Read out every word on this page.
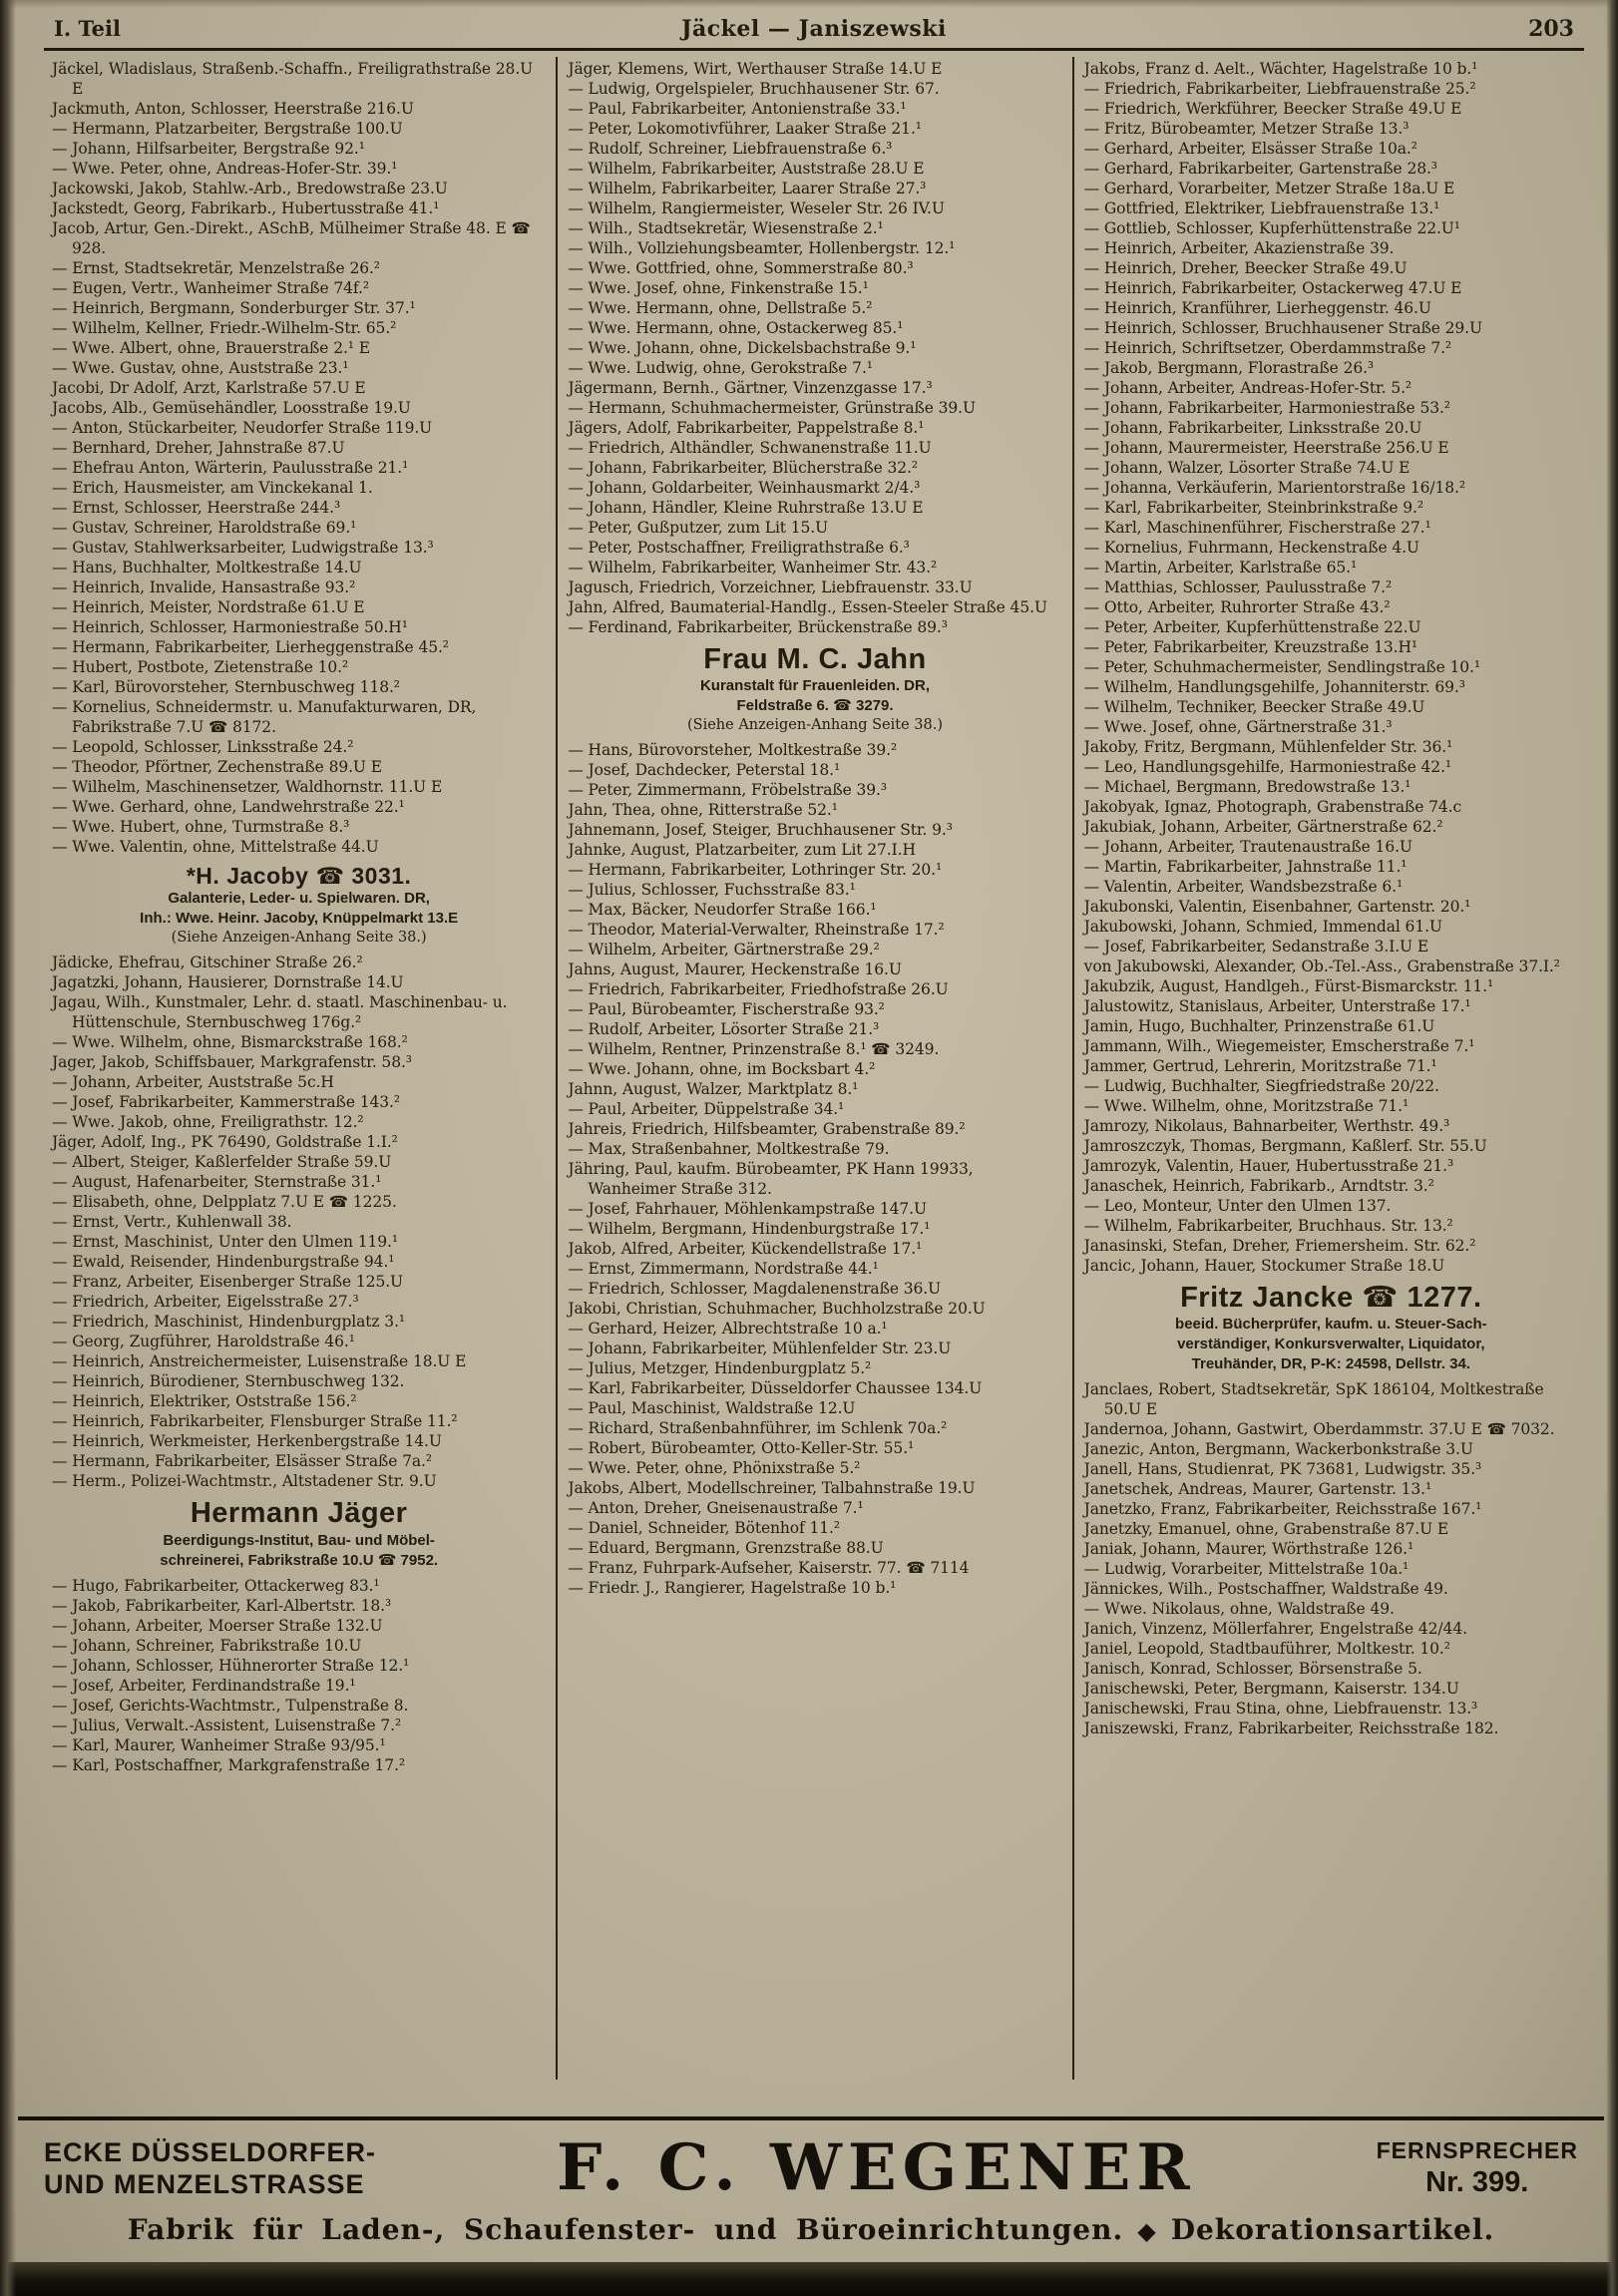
I. Teil	Jäckel — Janiszewski	203
Jäckel, Wladislaus, Straßenb.-Schaffn., Freiligrathstraße 28.U E
Jackmuth, Anton, Schlosser, Heerstraße 216.U
— Hermann, Platzarbeiter, Bergstraße 100.U
— Johann, Hilfsarbeiter, Bergstraße 92.¹
— Wwe. Peter, ohne, Andreas-Hofer-Str. 39.¹
Jackowski, Jakob, Stahlw.-Arb., Bredowstraße 23.U
Jackstedt, Georg, Fabrikarb., Hubertusstraße 41.¹
Jacob, Artur, Gen.-Direkt., ASchB, Mülheimer Straße 48. E ☎ 928.
— Ernst, Stadtsekretär, Menzelstraße 26.²
— Eugen, Vertr., Wanheimer Straße 74f.²
— Heinrich, Bergmann, Sonderburger Str. 37.¹
— Wilhelm, Kellner, Friedr.-Wilhelm-Str. 65.²
— Wwe. Albert, ohne, Brauerstraße 2.¹ E
— Wwe. Gustav, ohne, Auststraße 23.¹
Jacobi, Dr Adolf, Arzt, Karlstraße 57.U E
Jacobs, Alb., Gemüsehändler, Loosstraße 19.U
— Anton, Stückarbeiter, Neudorfer Straße 119.U
— Bernhard, Dreher, Jahnstraße 87.U
— Ehefrau Anton, Wärterin, Paulusstraße 21.¹
— Erich, Hausmeister, am Vinckekanal 1.
— Ernst, Schlosser, Heerstraße 244.³
— Gustav, Schreiner, Haroldstraße 69.¹
— Gustav, Stahlwerksarbeiter, Ludwigstraße 13.³
— Hans, Buchhalter, Moltkestraße 14.U
— Heinrich, Invalide, Hansastraße 93.²
— Heinrich, Meister, Nordstraße 61.U E
— Heinrich, Schlosser, Harmoniestraße 50.H¹
— Hermann, Fabrikarbeiter, Lierheggenstraße 45.²
— Hubert, Postbote, Zietenstraße 10.²
— Karl, Bürovorsteher, Sternbuschweg 118.²
— Kornelius, Schneidermstr. u. Manufakturwaren, DR, Fabrikstraße 7.U ☎ 8172.
— Leopold, Schlosser, Linksstraße 24.²
— Theodor, Pförtner, Zechenstraße 89.U E
— Wilhelm, Maschinensetzer, Waldhornstr. 11.U E
— Wwe. Gerhard, ohne, Landwehrstraße 22.¹
— Wwe. Hubert, ohne, Turmstraße 8.³
— Wwe. Valentin, ohne, Mittelstraße 44.U
*H. Jacoby ☎ 3031.
Galanterie, Leder- u. Spielwaren. DR,
Inh.: Wwe. Heinr. Jacoby, Knüppelmarkt 13.E
(Siehe Anzeigen-Anhang Seite 38.)
Jädicke, Ehefrau, Gitschiner Straße 26.²
Jagatzki, Johann, Hausierer, Dornstraße 14.U
Jagau, Wilh., Kunstmaler, Lehr. d. staatl. Maschinenbau- u. Hüttenschule, Sternbuschweg 176g.²
— Wwe. Wilhelm, ohne, Bismarckstraße 168.²
Jager, Jakob, Schiffsbauer, Markgrafenstr. 58.³
— Johann, Arbeiter, Auststraße 5c.H
— Josef, Fabrikarbeiter, Kammerstraße 143.²
— Wwe. Jakob, ohne, Freiligrathstr. 12.²
Jäger, Adolf, Ing., PK 76490, Goldstraße 1.I.²
— Albert, Steiger, Kaßlerfelder Straße 59.U
— August, Hafenarbeiter, Sternstraße 31.¹
— Elisabeth, ohne, Delpplatz 7.U E ☎ 1225.
— Ernst, Vertr., Kuhlenwall 38.
— Ernst, Maschinist, Unter den Ulmen 119.¹
— Ewald, Reisender, Hindenburgstraße 94.¹
— Franz, Arbeiter, Eisenberger Straße 125.U
— Friedrich, Arbeiter, Eigelsstraße 27.³
— Friedrich, Maschinist, Hindenburgplatz 3.¹
— Georg, Zugführer, Haroldstraße 46.¹
— Heinrich, Anstreichermeister, Luisenstraße 18.U E
— Heinrich, Bürodiener, Sternbuschweg 132.
— Heinrich, Elektriker, Oststraße 156.²
— Heinrich, Fabrikarbeiter, Flensburger Straße 11.²
— Heinrich, Werkmeister, Herkenbergstraße 14.U
— Hermann, Fabrikarbeiter, Elsässer Straße 7a.²
— Herm., Polizei-Wachtmstr., Altstadener Str. 9.U
Hermann Jäger
Beerdigungs-Institut, Bau- und Möbel-
schreinerei, Fabrikstraße 10.U ☎ 7952.
— Hugo, Fabrikarbeiter, Ottackerweg 83.¹
— Jakob, Fabrikarbeiter, Karl-Albertstr. 18.³
— Johann, Arbeiter, Moerser Straße 132.U
— Johann, Schreiner, Fabrikstraße 10.U
— Johann, Schlosser, Hühnerorter Straße 12.¹
— Josef, Arbeiter, Ferdinandstraße 19.¹
— Josef, Gerichts-Wachtmstr., Tulpenstraße 8.
— Julius, Verwalt.-Assistent, Luisenstraße 7.²
— Karl, Maurer, Wanheimer Straße 93/95.¹
— Karl, Postschaffner, Markgrafenstraße 17.²
Jäger, Klemens, Wirt, Werthauser Straße 14.U E
— Ludwig, Orgelspieler, Bruchhausener Str. 67.
— Paul, Fabrikarbeiter, Antonienstraße 33.¹
— Peter, Lokomotivführer, Laaker Straße 21.¹
— Rudolf, Schreiner, Liebfrauenstraße 6.³
— Wilhelm, Fabrikarbeiter, Auststraße 28.U E
— Wilhelm, Fabrikarbeiter, Laarer Straße 27.³
— Wilhelm, Rangiermeister, Weseler Str. 26 IV.U
— Wilh., Stadtsekretär, Wiesenstraße 2.¹
— Wilh., Vollziehungsbeamter, Hollenbergstr. 12.¹
— Wwe. Gottfried, ohne, Sommerstraße 80.³
— Wwe. Josef, ohne, Finkenstraße 15.¹
— Wwe. Hermann, ohne, Dellstraße 5.²
— Wwe. Hermann, ohne, Ostackerweg 85.¹
— Wwe. Johann, ohne, Dickelsbachstraße 9.¹
— Wwe. Ludwig, ohne, Gerokstraße 7.¹
Jägermann, Bernh., Gärtner, Vinzenzgasse 17.³
— Hermann, Schuhmachermeister, Grünstraße 39.U
Jägers, Adolf, Fabrikarbeiter, Pappelstraße 8.¹
— Friedrich, Althändler, Schwanenstraße 11.U
— Johann, Fabrikarbeiter, Blücherstraße 32.²
— Johann, Goldarbeiter, Weinhausmarkt 2/4.³
— Johann, Händler, Kleine Ruhrstraße 13.U E
— Peter, Gußputzer, zum Lit 15.U
— Peter, Postschaffner, Freiligrathstraße 6.³
— Wilhelm, Fabrikarbeiter, Wanheimer Str. 43.²
Jagusch, Friedrich, Vorzeichner, Liebfrauenstr. 33.U
Jahn, Alfred, Baumaterial-Handlg., Essen-Steeler Straße 45.U
— Ferdinand, Fabrikarbeiter, Brückenstraße 89.³
Frau M. C. Jahn
Kuranstalt für Frauenleiden. DR,
Feldstraße 6. ☎ 3279.
(Siehe Anzeigen-Anhang Seite 38.)
— Hans, Bürovorsteher, Moltkestraße 39.²
— Josef, Dachdecker, Peterstal 18.¹
— Peter, Zimmermann, Fröbelstraße 39.³
Jahn, Thea, ohne, Ritterstraße 52.¹
Jahnemann, Josef, Steiger, Bruchhausener Str. 9.³
Jahnke, August, Platzarbeiter, zum Lit 27.I.H
— Hermann, Fabrikarbeiter, Lothringer Str. 20.¹
— Julius, Schlosser, Fuchsstraße 83.¹
— Max, Bäcker, Neudorfer Straße 166.¹
— Theodor, Material-Verwalter, Rheinstraße 17.²
— Wilhelm, Arbeiter, Gärtnerstraße 29.²
Jahns, August, Maurer, Heckenstraße 16.U
— Friedrich, Fabrikarbeiter, Friedhofstraße 26.U
— Paul, Bürobeamter, Fischerstraße 93.²
— Rudolf, Arbeiter, Lösorter Straße 21.³
— Wilhelm, Rentner, Prinzenstraße 8.¹ ☎ 3249.
— Wwe. Johann, ohne, im Bocksbart 4.²
Jahnn, August, Walzer, Marktplatz 8.¹
— Paul, Arbeiter, Düppelstraße 34.¹
Jahreis, Friedrich, Hilfsbeamter, Grabenstraße 89.²
— Max, Straßenbahner, Moltkestraße 79.
Jähring, Paul, kaufm. Bürobeamter, PK Hann 19933, Wanheimer Straße 312.
— Josef, Fahrhauer, Möhlenkampstraße 147.U
— Wilhelm, Bergmann, Hindenburgstraße 17.¹
Jakob, Alfred, Arbeiter, Kückendellstraße 17.¹
— Ernst, Zimmermann, Nordstraße 44.¹
— Friedrich, Schlosser, Magdalenenstraße 36.U
Jakobi, Christian, Schuhmacher, Buchholzstraße 20.U
— Gerhard, Heizer, Albrechtstraße 10 a.¹
— Johann, Fabrikarbeiter, Mühlenfelder Str. 23.U
— Julius, Metzger, Hindenburgplatz 5.²
— Karl, Fabrikarbeiter, Düsseldorfer Chaussee 134.U
— Paul, Maschinist, Waldstraße 12.U
— Richard, Straßenbahnführer, im Schlenk 70a.²
— Robert, Bürobeamter, Otto-Keller-Str. 55.¹
— Wwe. Peter, ohne, Phönixstraße 5.²
Jakobs, Albert, Modellschreiner, Talbahnstraße 19.U
— Anton, Dreher, Gneisenaustraße 7.¹
— Daniel, Schneider, Bötenhof 11.²
— Eduard, Bergmann, Grenzstraße 88.U
— Franz, Fuhrpark-Aufseher, Kaiserstr. 77. ☎ 7114
— Friedr. J., Rangierer, Hagelstraße 10 b.¹
Jakobs, Franz d. Aelt., Wächter, Hagelstraße 10 b.¹
— Friedrich, Fabrikarbeiter, Liebfrauenstraße 25.²
— Friedrich, Werkführer, Beecker Straße 49.U E
— Fritz, Bürobeamter, Metzer Straße 13.³
— Gerhard, Arbeiter, Elsässer Straße 10a.²
— Gerhard, Fabrikarbeiter, Gartenstraße 28.³
— Gerhard, Vorarbeiter, Metzer Straße 18a.U E
— Gottfried, Elektriker, Liebfrauenstraße 13.¹
— Gottlieb, Schlosser, Kupferhüttenstraße 22.U¹
— Heinrich, Arbeiter, Akazienstraße 39.
— Heinrich, Dreher, Beecker Straße 49.U
— Heinrich, Fabrikarbeiter, Ostackerweg 47.U E
— Heinrich, Kranführer, Lierheggenstr. 46.U
— Heinrich, Schlosser, Bruchhausener Straße 29.U
— Heinrich, Schriftsetzer, Oberdammstraße 7.²
— Jakob, Bergmann, Florastraße 26.³
— Johann, Arbeiter, Andreas-Hofer-Str. 5.²
— Johann, Fabrikarbeiter, Harmoniestraße 53.²
— Johann, Fabrikarbeiter, Linksstraße 20.U
— Johann, Maurermeister, Heerstraße 256.U E
— Johann, Walzer, Lösorter Straße 74.U E
— Johanna, Verkäuferin, Marientorstraße 16/18.²
— Karl, Fabrikarbeiter, Steinbrinkstraße 9.²
— Karl, Maschinenführer, Fischerstraße 27.¹
— Kornelius, Fuhrmann, Heckenstraße 4.U
— Martin, Arbeiter, Karlstraße 65.¹
— Matthias, Schlosser, Paulusstraße 7.²
— Otto, Arbeiter, Ruhrorter Straße 43.²
— Peter, Arbeiter, Kupferhüttenstraße 22.U
— Peter, Fabrikarbeiter, Kreuzstraße 13.H¹
— Peter, Schuhmachermeister, Sendlingstraße 10.¹
— Wilhelm, Handlungsgehilfe, Johanniterstr. 69.³
— Wilhelm, Techniker, Beecker Straße 49.U
— Wwe. Josef, ohne, Gärtnerstraße 31.³
Jakoby, Fritz, Bergmann, Mühlenfelder Str. 36.¹
— Leo, Handlungsgehilfe, Harmoniestraße 42.¹
— Michael, Bergmann, Bredowstraße 13.¹
Jakobyak, Ignaz, Photograph, Grabenstraße 74.c
Jakubiak, Johann, Arbeiter, Gärtnerstraße 62.²
— Johann, Arbeiter, Trautenaustraße 16.U
— Martin, Fabrikarbeiter, Jahnstraße 11.¹
— Valentin, Arbeiter, Wandsbezstraße 6.¹
Jakubonski, Valentin, Eisenbahner, Gartenstr. 20.¹
Jakubowski, Johann, Schmied, Immendal 61.U
— Josef, Fabrikarbeiter, Sedanstraße 3.I.U E
von Jakubowski, Alexander, Ob.-Tel.-Ass., Grabenstraße 37.I.²
Jakubzik, August, Handlgeh., Fürst-Bismarckstr. 11.¹
Jalustowitz, Stanislaus, Arbeiter, Unterstraße 17.¹
Jamin, Hugo, Buchhalter, Prinzenstraße 61.U
Jammann, Wilh., Wiegemeister, Emscherstraße 7.¹
Jammer, Gertrud, Lehrerin, Moritzstraße 71.¹
— Ludwig, Buchhalter, Siegfriedstraße 20/22.
— Wwe. Wilhelm, ohne, Moritzstraße 71.¹
Jamrozy, Nikolaus, Bahnarbeiter, Werthstr. 49.³
Jamroszczyk, Thomas, Bergmann, Kaßlerf. Str. 55.U
Jamrozyk, Valentin, Hauer, Hubertusstraße 21.³
Janaschek, Heinrich, Fabrikarb., Arndtstr. 3.²
— Leo, Monteur, Unter den Ulmen 137.
— Wilhelm, Fabrikarbeiter, Bruchhaus. Str. 13.²
Janasinski, Stefan, Dreher, Friemersheim. Str. 62.²
Jancic, Johann, Hauer, Stockumer Straße 18.U
Fritz Jancke ☎ 1277.
beeid. Bücherprüfer, kaufm. u. Steuer-Sach-
verständiger, Konkursverwalter, Liquidator,
Treuhänder, DR, P-K: 24598, Dellstr. 34.
Janclaes, Robert, Stadtsekretär, SpK 186104, Moltkestraße 50.U E
Jandernoa, Johann, Gastwirt, Oberdammstr. 37.U E ☎ 7032.
Janezic, Anton, Bergmann, Wackerbonkstraße 3.U
Janell, Hans, Studienrat, PK 73681, Ludwigstr. 35.³
Janetschek, Andreas, Maurer, Gartenstr. 13.¹
Janetzko, Franz, Fabrikarbeiter, Reichsstraße 167.¹
Janetzky, Emanuel, ohne, Grabenstraße 87.U E
Janiak, Johann, Maurer, Wörthstraße 126.¹
— Ludwig, Vorarbeiter, Mittelstraße 10a.¹
Jännickes, Wilh., Postschaffner, Waldstraße 49.
— Wwe. Nikolaus, ohne, Waldstraße 49.
Janich, Vinzenz, Möllerfahrer, Engelstraße 42/44.
Janiel, Leopold, Stadtbauführer, Moltkestr. 10.²
Janisch, Konrad, Schlosser, Börsenstraße 5.
Janischewski, Peter, Bergmann, Kaiserstr. 134.U
Janischewski, Frau Stina, ohne, Liebfrauenstr. 13.³
Janiszewski, Franz, Fabrikarbeiter, Reichsstraße 182.
ECKE DÜSSELDORFER-
UND MENZELSTRASSE	F. C. WEGENER	FERNSPRECHER
Nr. 399.
Fabrik für Laden-, Schaufenster- und Büroeinrichtungen. ◆ Dekorationsartikel.
